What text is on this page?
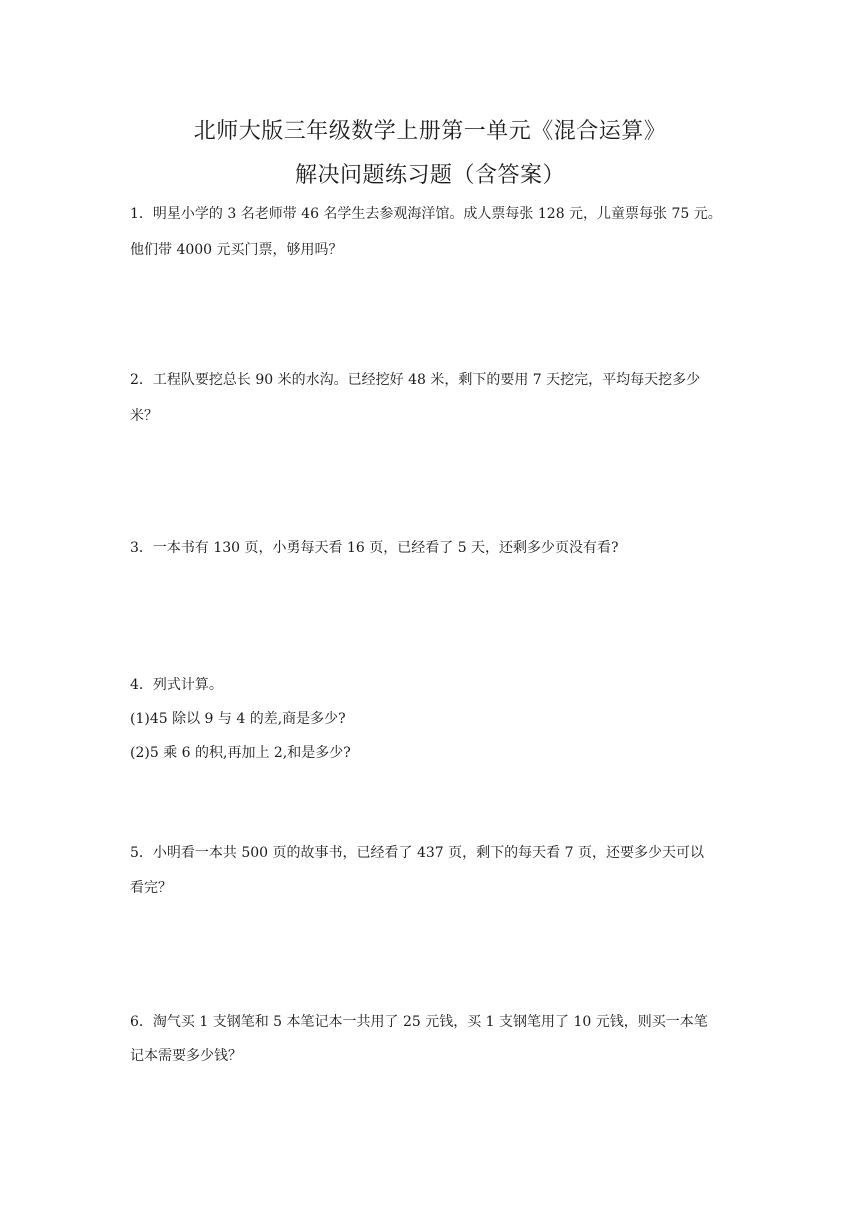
北师大版三年级数学上册第一单元《混合运算》
解决问题练习题（含答案）
1．明星小学的 3 名老师带 46 名学生去参观海洋馆。成人票每张 128 元，儿童票每张 75 元。
他们带 4000 元买门票，够用吗？
2．工程队要挖总长 90 米的水沟。已经挖好 48 米，剩下的要用 7 天挖完，平均每天挖多少
米？
3．一本书有 130 页，小勇每天看 16 页，已经看了 5 天，还剩多少页没有看?
4．列式计算。
(1)45 除以 9 与 4 的差,商是多少?
(2)5 乘 6 的积,再加上 2,和是多少?
5．小明看一本共 500 页的故事书，已经看了 437 页，剩下的每天看 7 页，还要多少天可以
看完？
6．淘气买 1 支钢笔和 5 本笔记本一共用了 25 元钱，买 1 支钢笔用了 10 元钱，则买一本笔
记本需要多少钱？
